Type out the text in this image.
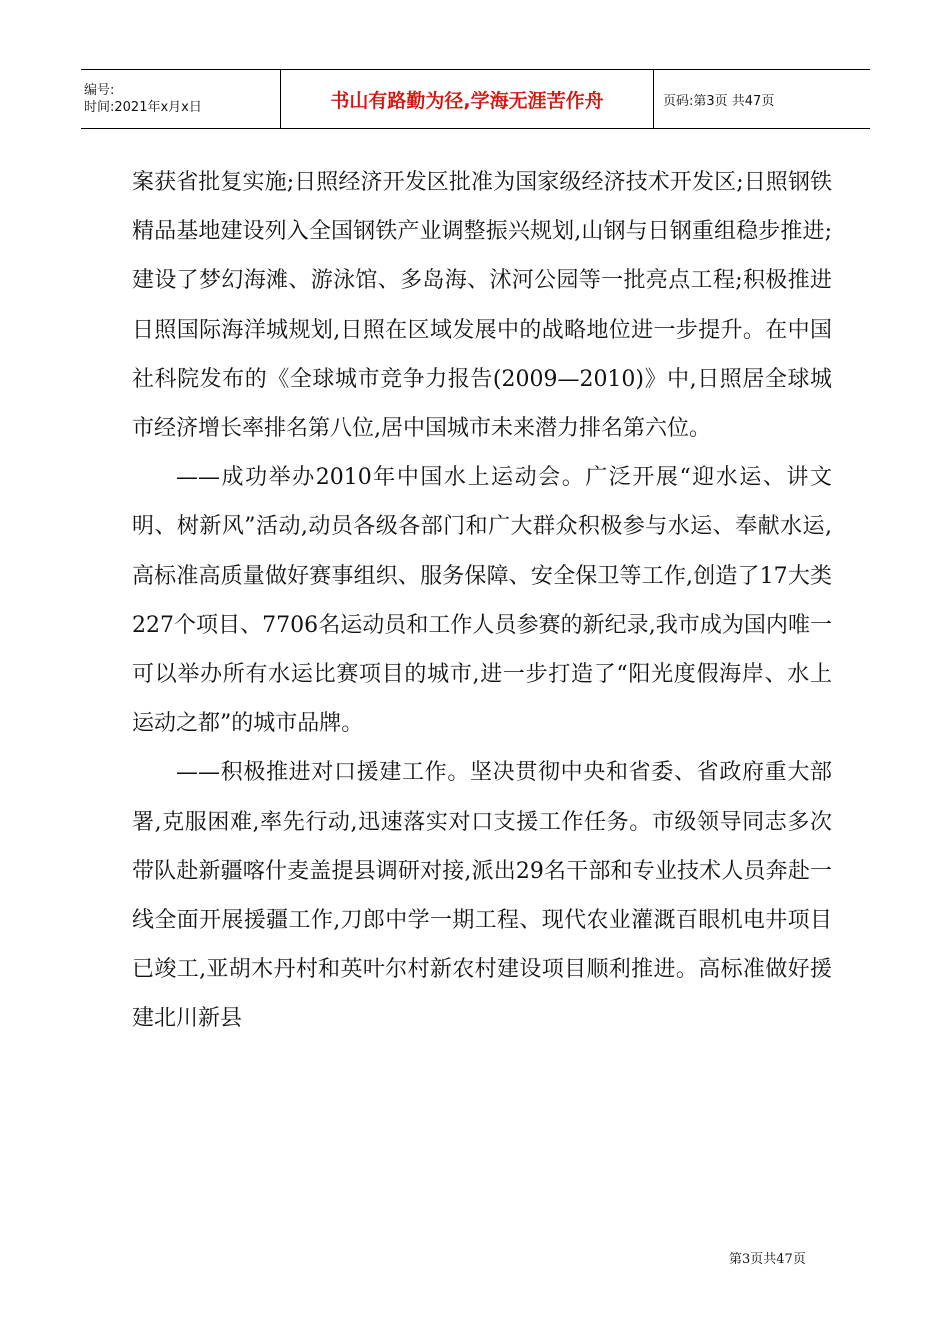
编号:
时间:2021年x月x日	书山有路勤为径,学海无涯苦作舟	页码:第3页 共47页

案获省批复实施;日照经济开发区批准为国家级经济技术开发区;日照钢铁精品基地建设列入全国钢铁产业调整振兴规划,山钢与日钢重组稳步推进;建设了梦幻海滩、游泳馆、多岛海、沭河公园等一批亮点工程;积极推进日照国际海洋城规划,日照在区域发展中的战略地位进一步提升。在中国社科院发布的《全球城市竞争力报告(2009—2010)》中,日照居全球城市经济增长率排名第八位,居中国城市未来潜力排名第六位。

——成功举办2010年中国水上运动会。广泛开展“迎水运、讲文明、树新风”活动,动员各级各部门和广大群众积极参与水运、奉献水运,高标准高质量做好赛事组织、服务保障、安全保卫等工作,创造了17大类227个项目、7706名运动员和工作人员参赛的新纪录,我市成为国内唯一可以举办所有水运比赛项目的城市,进一步打造了“阳光度假海岸、水上运动之都”的城市品牌。

——积极推进对口援建工作。坚决贯彻中央和省委、省政府重大部署,克服困难,率先行动,迅速落实对口支援工作任务。市级领导同志多次带队赴新疆喀什麦盖提县调研对接,派出29名干部和专业技术人员奔赴一线全面开展援疆工作,刀郎中学一期工程、现代农业灌溉百眼机电井项目已竣工,亚胡木丹村和英叶尔村新农村建设项目顺利推进。高标准做好援建北川新县

第3页共47页
